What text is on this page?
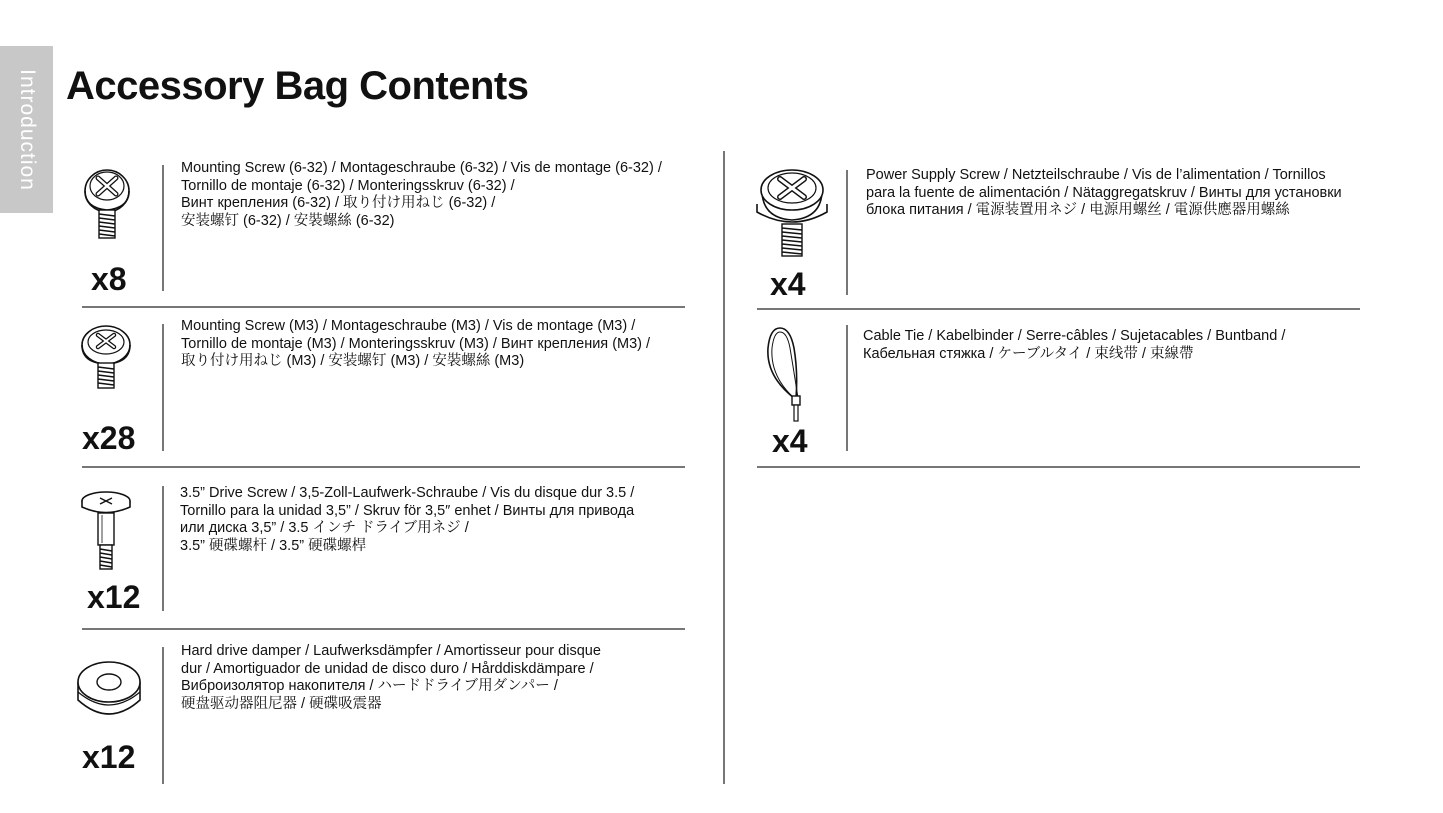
Introduction Accessory Bag Contents
x8

Mounting Screw (6-32) / Montageschraube (6-32) / Vis de montage (6-32) /
Tornillo de montaje (6-32) / Monteringsskruv (6-32) /
Винт крепления (6-32) / 取り付け用ねじ (6-32) /
安装螺钉 (6-32) / 安裝螺絲 (6-32)

x28

Mounting Screw (M3) / Montageschraube (M3) / Vis de montage (M3) /
Tornillo de montaje (M3) / Monteringsskruv (M3) / Винт крепления (M3) /
取り付け用ねじ (M3) / 安装螺钉 (M3) / 安裝螺絲 (M3)

x12

3.5” Drive Screw / 3,5-Zoll-Laufwerk-Schraube / Vis du disque dur 3.5 /
Tornillo para la unidad 3,5” / Skruv för 3,5″ enhet / Винты для привода
или диска 3,5” / 3.5 インチ ドライブ用ネジ /
3.5” 硬碟螺杆 / 3.5” 硬碟螺桿

x12

Hard drive damper / Laufwerksdämpfer / Amortisseur pour disque
dur / Amortiguador de unidad de disco duro / Hårddiskdämpare /
Виброизолятор накопителя / ハードドライブ用ダンパー /
硬盘驱动器阻尼器 / 硬碟吸震器

x4

Power Supply Screw / Netzteilschraube / Vis de l’alimentation / Tornillos
para la fuente de alimentación / Nätaggregatskruv / Винты для установки
блока питания / 電源装置用ネジ / 电源用螺丝 / 電源供應器用螺絲

x4

Cable Tie / Kabelbinder / Serre-câbles / Sujetacables / Buntband /
Кабельная стяжка / ケーブルタイ / 束线带 / 束線帶
